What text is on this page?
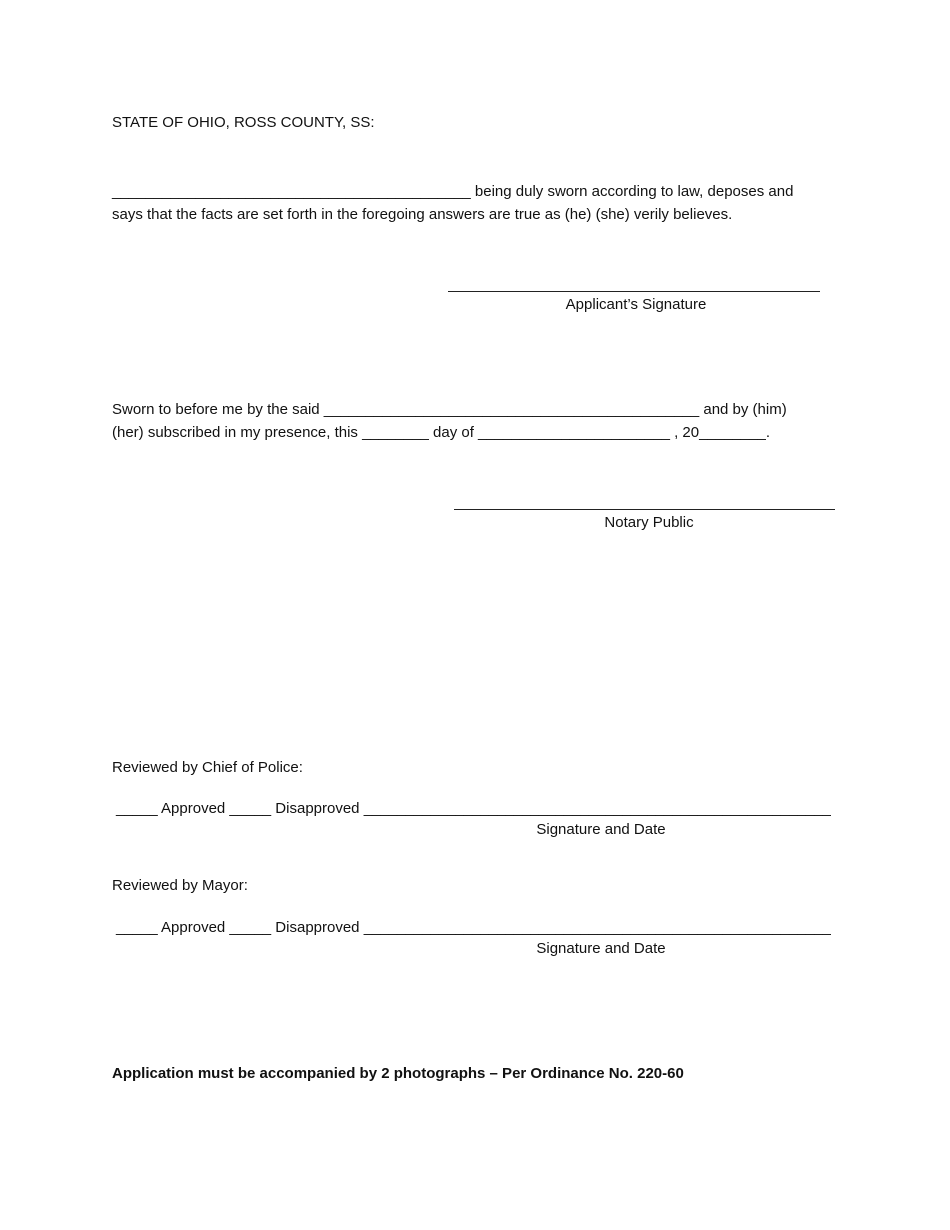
STATE OF OHIO, ROSS COUNTY, SS:
___________________________________________ being duly sworn according to law, deposes and
says that the facts are set forth in the foregoing answers are true as (he) (she) verily believes.
Applicant’s Signature
Sworn to before me by the said _____________________________________________ and by (him)
(her) subscribed in my presence, this ________ day of _______________________ , 20________.
Notary Public
Reviewed by Chief of Police:
_____ Approved _____ Disapproved ________________________________________________________
Signature and Date
Reviewed by Mayor:
_____ Approved _____ Disapproved ________________________________________________________
Signature and Date
Application must be accompanied by 2 photographs – Per Ordinance No. 220-60
